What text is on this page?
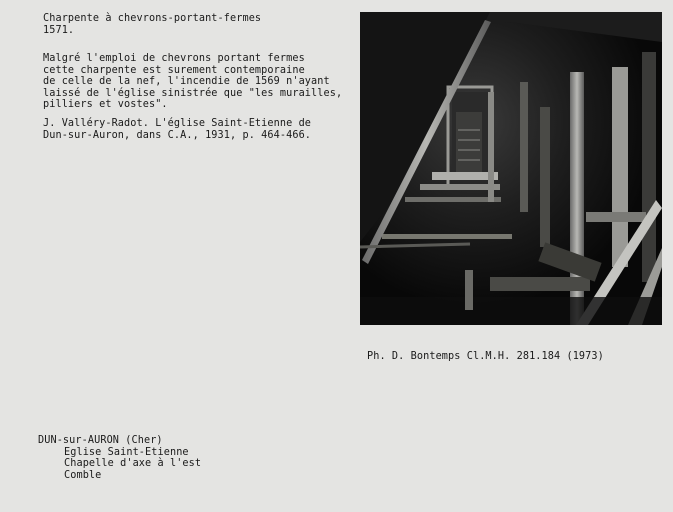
Charpente à chevrons-portant-fermes
1571.
Malgré l'emploi de chevrons portant fermes
cette charpente est surement contemporaine
de celle de la nef, l'incendie de 1569 n'ayant
laissé de l'église sinistrée que "les murailles,
pilliers et vostes".
J. Valléry-Radot. L'église Saint-Etienne de
Dun-sur-Auron, dans C.A., 1931, p. 464-466.
Ph. D. Bontemps Cl.M.H. 281.184 (1973)
DUN-sur-AURON (Cher)
Eglise Saint-Etienne
Chapelle d'axe à l'est
Comble
